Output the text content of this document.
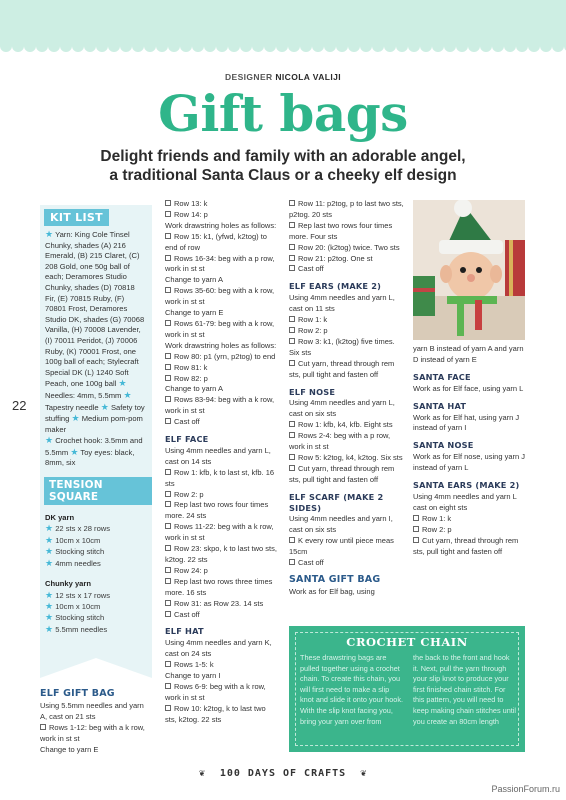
DESIGNER NICOLA VALIJI
Gift bags
Delight friends and family with an adorable angel,
a traditional Santa Claus or a cheeky elf design
22
KIT LIST
★ Yarn: King Cole Tinsel Chunky, shades (A) 216 Emerald, (B) 215 Claret, (C) 208 Gold, one 50g ball of each; Deramores Studio Chunky, shades (D) 70818 Fir, (E) 70815 Ruby, (F) 70801 Frost, Deramores Studio DK, shades (G) 70068 Vanilla, (H) 70008 Lavender, (I) 70011 Peridot, (J) 70006 Ruby, (K) 70001 Frost, one 100g ball of each; Stylecraft Special DK (L) 1240 Soft Peach, one 100g ball ★ Needles: 4mm, 5.5mm ★ Tapestry needle ★ Safety toy stuffing ★ Medium pom-pom maker
★ Crochet hook: 3.5mm and 5.5mm ★ Toy eyes: black, 8mm, six
TENSION SQUARE
DK yarn
★ 22 sts x 28 rows
★ 10cm x 10cm
★ Stocking stitch
★ 4mm needles
Chunky yarn
★ 12 sts x 17 rows
★ 10cm x 10cm
★ Stocking stitch
★ 5.5mm needles
ELF GIFT BAG

Using 5.5mm needles and yarn A, cast on 21 sts

Rows 1-12: beg with a k row, work in st st

Change to yarn E

Row 13: k

Row 14: p

Work drawstring holes as follows:

Row 15: k1, (yfwd, k2tog) to end of row

Rows 16-34: beg with a p row, work in st st

Change to yarn A

Rows 35-60: beg with a k row, work in st st

Change to yarn E

Rows 61-79: beg with a k row, work in st st

Work drawstring holes as follows:

Row 80: p1 (yrn, p2tog) to end

Row 81: k

Row 82: p

Change to yarn A

Rows 83-94: beg with a k row, work in st st

Cast off

ELF FACE

Using 4mm needles and yarn L, cast on 14 sts

Row 1: kfb, k to last st, kfb. 16 sts

Row 2: p

Rep last two rows four times more. 24 sts

Rows 11-22: beg with a k row, work in st st

Row 23: skpo, k to last two sts, k2tog. 22 sts

Row 24: p

Rep last two rows three times more. 16 sts

Row 31: as Row 23. 14 sts

Cast off

ELF HAT

Using 4mm needles and yarn K, cast on 24 sts

Rows 1-5: k

Change to yarn I

Rows 6-9: beg with a k row, work in st st

Row 10: k2tog, k to last two sts, k2tog. 22 sts

Row 11: p2tog, p to last two sts, p2tog. 20 sts

Rep last two rows four times more. Four sts

Row 20: (k2tog) twice. Two sts

Row 21: p2tog. One st

Cast off

ELF EARS (MAKE 2)

Using 4mm needles and yarn L, cast on 11 sts

Row 1: k

Row 2: p

Row 3: k1, (k2tog) five times. Six sts

Cut yarn, thread through rem sts, pull tight and fasten off

ELF NOSE

Using 4mm needles and yarn L, cast on six sts

Row 1: kfb, k4, kfb. Eight sts

Rows 2-4: beg with a p row, work in st st

Row 5: k2tog, k4, k2tog. Six sts

Cut yarn, thread through rem sts, pull tight and fasten off

ELF SCARF (MAKE 2 SIDES)

Using 4mm needles and yarn I, cast on six sts

K every row until piece meas 15cm

Cast off

SANTA GIFT BAG

Work as for Elf bag, using

yarn B instead of yarn A and yarn D instead of yarn E

SANTA FACE

Work as for Elf face, using yarn L

SANTA HAT

Work as for Elf hat, using yarn J instead of yarn I

SANTA NOSE

Work as for Elf nose, using yarn J instead of yarn L

SANTA EARS (MAKE 2)

Using 4mm needles and yarn L cast on eight sts

Row 1: k

Row 2: p

Cut yarn, thread through rem sts, pull tight and fasten off

CROCHET CHAIN
These drawstring bags are pulled together using a crochet chain. To create this chain, you will first need to make a slip knot and slide it onto your hook. With the slip knot facing you, bring your yarn over from
the back to the front and hook it. Next, pull the yarn through your slip knot to produce your first finished chain stitch. For this pattern, you will need to keep making chain stitches until you create an 80cm length
❦ 100 DAYS OF CRAFTS ❦
PassionForum.ru
